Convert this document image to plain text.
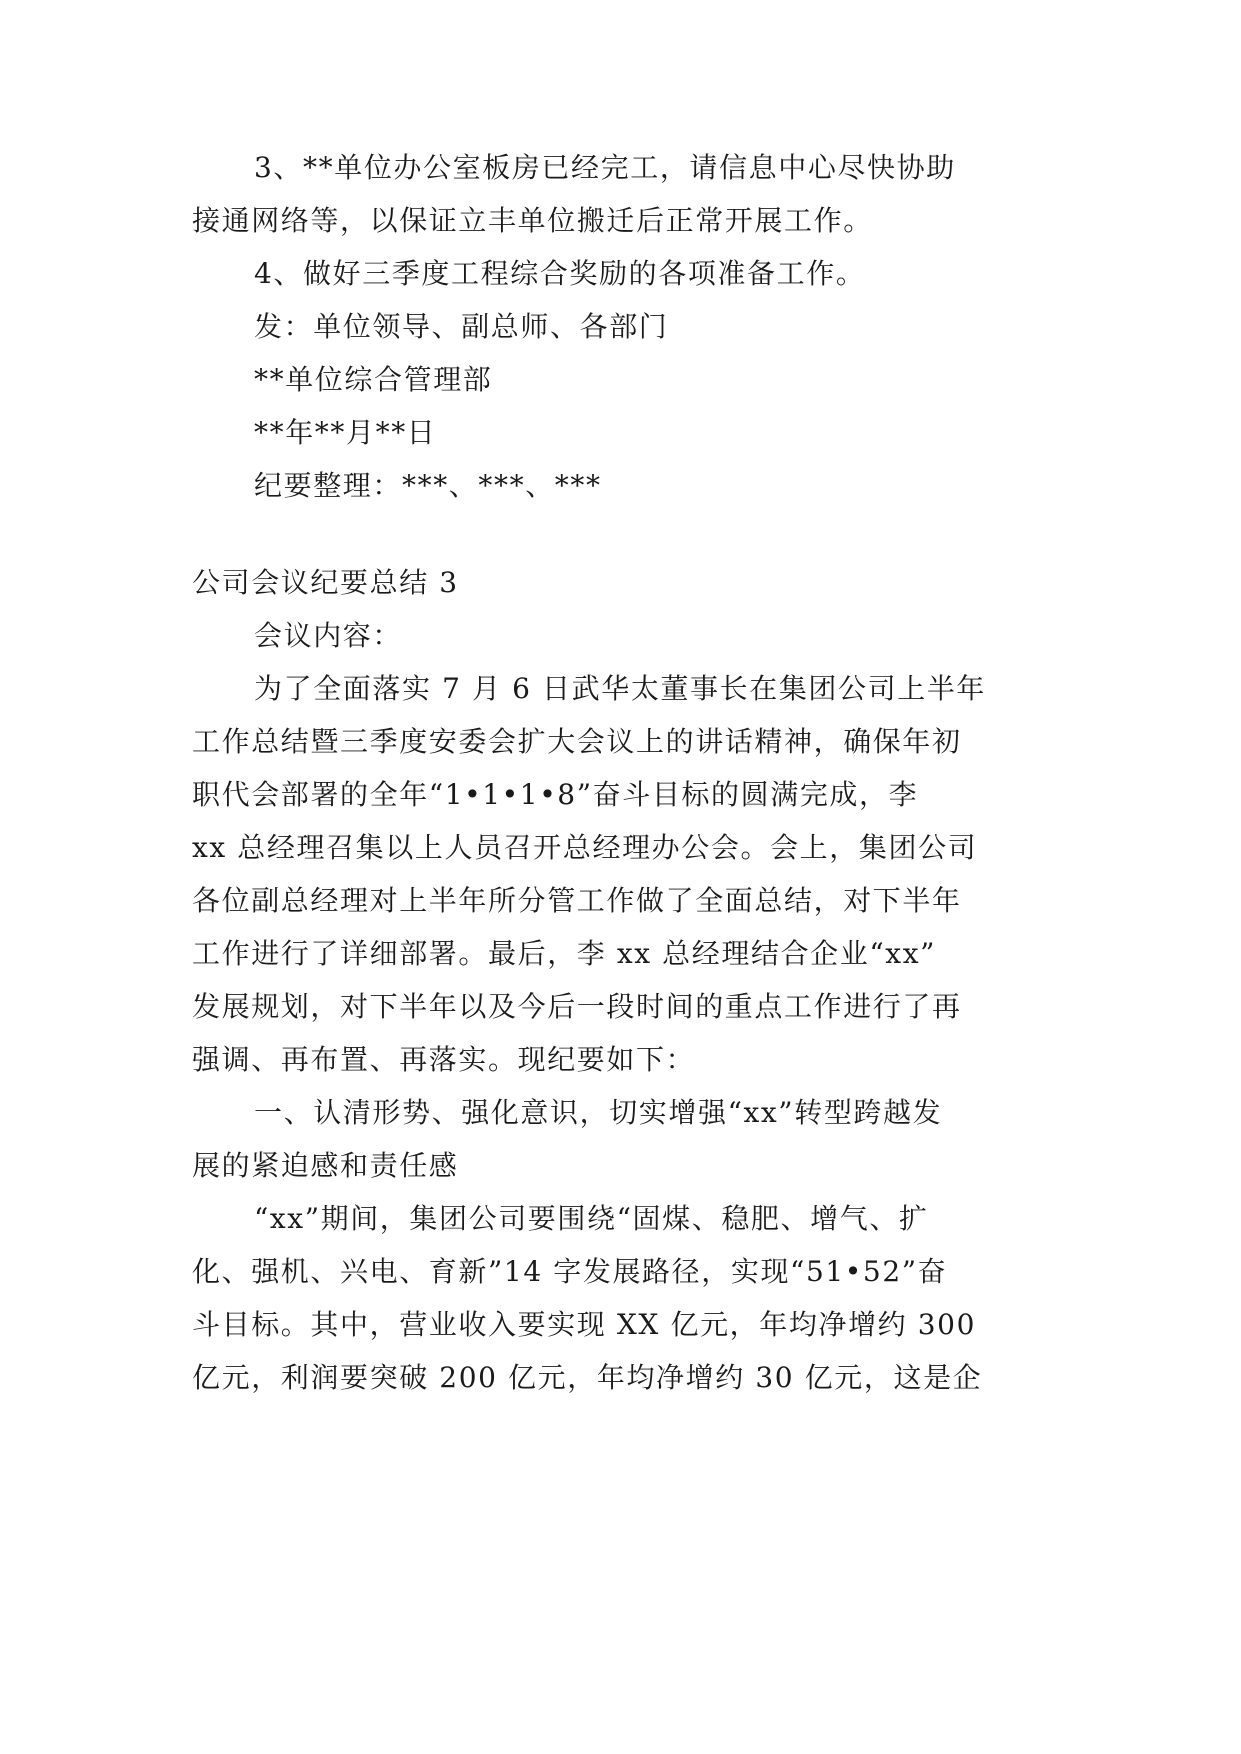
3、**单位办公室板房已经完工，请信息中心尽快协助
接通网络等，以保证立丰单位搬迁后正常开展工作。
4、做好三季度工程综合奖励的各项准备工作。
发：单位领导、副总师、各部门
**单位综合管理部
**年**月**日
纪要整理：***、***、***
公司会议纪要总结 3
会议内容：
为了全面落实 7 月 6 日武华太董事长在集团公司上半年
工作总结暨三季度安委会扩大会议上的讲话精神，确保年初
职代会部署的全年“1•1•1•8”奋斗目标的圆满完成，李
xx 总经理召集以上人员召开总经理办公会。会上，集团公司
各位副总经理对上半年所分管工作做了全面总结，对下半年
工作进行了详细部署。最后，李 xx 总经理结合企业“xx”
发展规划，对下半年以及今后一段时间的重点工作进行了再
强调、再布置、再落实。现纪要如下：
一、认清形势、强化意识，切实增强“xx”转型跨越发
展的紧迫感和责任感
“xx”期间，集团公司要围绕“固煤、稳肥、增气、扩
化、强机、兴电、育新”14 字发展路径，实现“51•52”奋
斗目标。其中，营业收入要实现 XX 亿元，年均净增约 300
亿元，利润要突破 200 亿元，年均净增约 30 亿元，这是企
